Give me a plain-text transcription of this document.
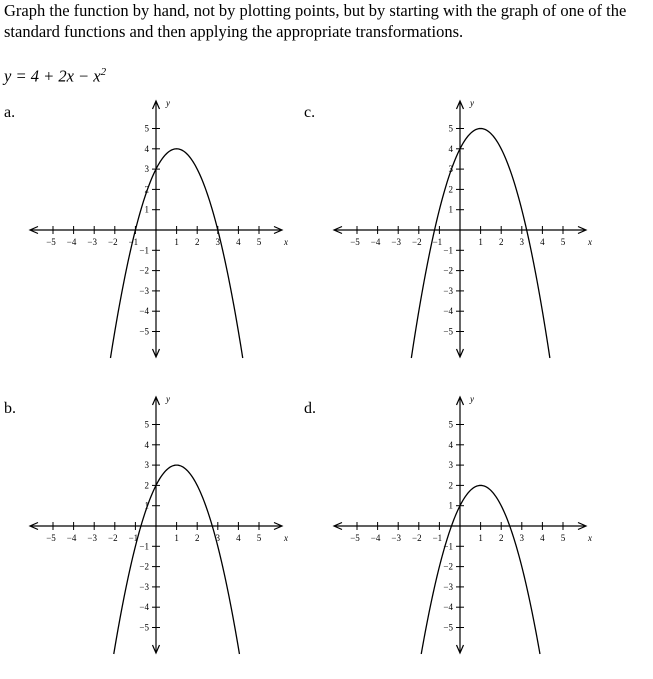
Graph the function by hand, not by plotting points, but by starting with the graph of one of the standard functions and then applying the appropriate transformations.

$y = 4 + 2x - x^2$

a.
−5
−5
−4
−4
−3
−3
−2
−2
−1
−1
1
1
2
2
3
3
4
4
5
5
x
y
c.
−5
−5
−4
−4
−3
−3
−2
−2
−1
−1
1
1
2
2
3
3
4
4
5
5
x
y
b.
−5
−5
−4
−4
−3
−3
−2
−2
−1
−1
1
1
2
2
3
3
4
4
5
5
x
y
d.
−5
−5
−4
−4
−3
−3
−2
−2
−1
−1
1
1
2
2
3
3
4
4
5
5
x
y
